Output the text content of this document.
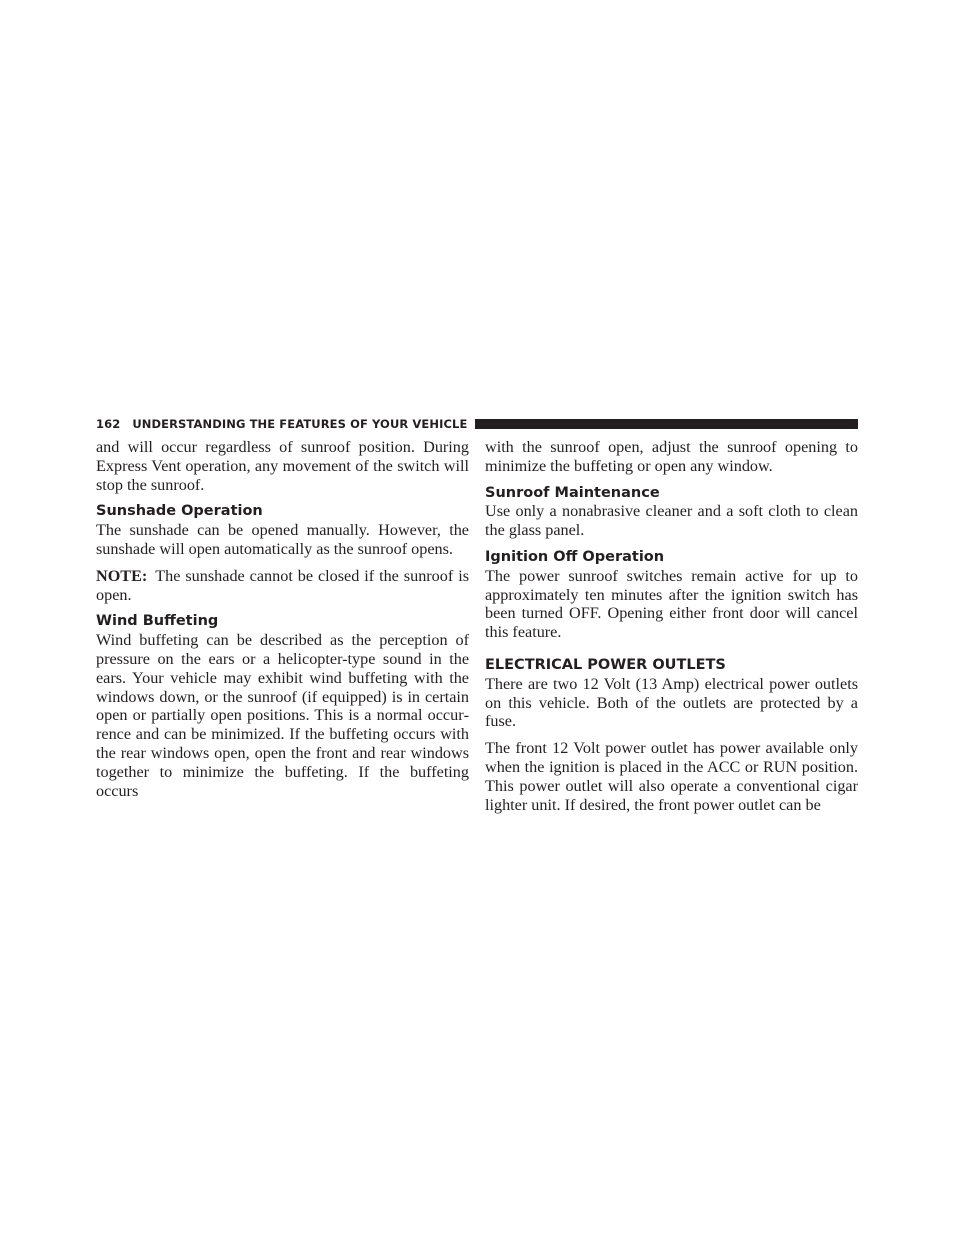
162 UNDERSTANDING THE FEATURES OF YOUR VEHICLE

and will occur regardless of sunroof position. During Express Vent operation, any movement of the switch will stop the sunroof.

Sunshade Operation

The sunshade can be opened manually. However, the sunshade will open automatically as the sunroof opens.

NOTE: The sunshade cannot be closed if the sunroof is open.

Wind Buffeting

Wind buffeting can be described as the perception of pressure on the ears or a helicopter-type sound in the ears. Your vehicle may exhibit wind buffeting with the windows down, or the sunroof (if equipped) is in certain open or partially open positions. This is a normal occurrence and can be minimized. If the buffeting occurs with the rear windows open, open the front and rear windows together to minimize the buffeting. If the buffeting occurs

with the sunroof open, adjust the sunroof opening to minimize the buffeting or open any window.

Sunroof Maintenance

Use only a nonabrasive cleaner and a soft cloth to clean the glass panel.

Ignition Off Operation

The power sunroof switches remain active for up to approximately ten minutes after the ignition switch has been turned OFF. Opening either front door will cancel this feature.

ELECTRICAL POWER OUTLETS

There are two 12 Volt (13 Amp) electrical power outlets on this vehicle. Both of the outlets are protected by a fuse.

The front 12 Volt power outlet has power available only when the ignition is placed in the ACC or RUN position. This power outlet will also operate a conventional cigar lighter unit. If desired, the front power outlet can be
